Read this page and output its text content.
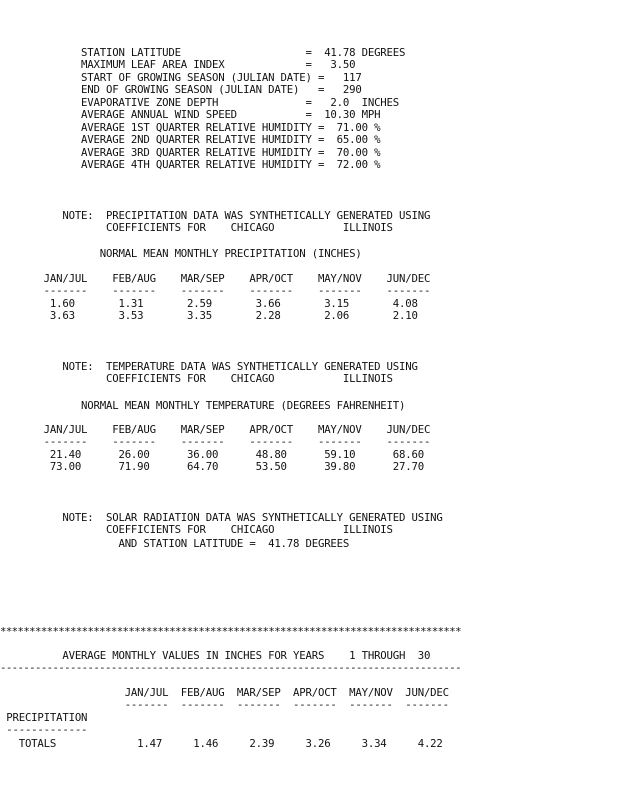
STATION LATITUDE                    =  41.78 DEGREES
MAXIMUM LEAF AREA INDEX             =   3.50
START OF GROWING SEASON (JULIAN DATE) =   117
END OF GROWING SEASON (JULIAN DATE)   =   290
EVAPORATIVE ZONE DEPTH              =   2.0  INCHES
AVERAGE ANNUAL WIND SPEED           =  10.30 MPH
AVERAGE 1ST QUARTER RELATIVE HUMIDITY =  71.00 %
AVERAGE 2ND QUARTER RELATIVE HUMIDITY =  65.00 %
AVERAGE 3RD QUARTER RELATIVE HUMIDITY =  70.00 %
AVERAGE 4TH QUARTER RELATIVE HUMIDITY =  72.00 %
NOTE:  PRECIPITATION DATA WAS SYNTHETICALLY GENERATED USING
COEFFICIENTS FOR    CHICAGO           ILLINOIS
NORMAL MEAN MONTHLY PRECIPITATION (INCHES)
JAN/JUL    FEB/AUG    MAR/SEP    APR/OCT    MAY/NOV    JUN/DEC
-------    -------    -------    -------    -------    -------
1.60       1.31       2.59       3.66       3.15       4.08
3.63       3.53       3.35       2.28       2.06       2.10
NOTE:  TEMPERATURE DATA WAS SYNTHETICALLY GENERATED USING
COEFFICIENTS FOR    CHICAGO           ILLINOIS
NORMAL MEAN MONTHLY TEMPERATURE (DEGREES FAHRENHEIT)
JAN/JUL    FEB/AUG    MAR/SEP    APR/OCT    MAY/NOV    JUN/DEC
-------    -------    -------    -------    -------    -------
21.40      26.00      36.00      48.80      59.10      68.60
73.00      71.90      64.70      53.50      39.80      27.70
NOTE:  SOLAR RADIATION DATA WAS SYNTHETICALLY GENERATED USING
COEFFICIENTS FOR    CHICAGO           ILLINOIS
AND STATION LATITUDE =  41.78 DEGREES
*******************************************************************************
AVERAGE MONTHLY VALUES IN INCHES FOR YEARS    1 THROUGH  30
-------------------------------------------------------------------------------
JAN/JUL  FEB/AUG  MAR/SEP  APR/OCT  MAY/NOV  JUN/DEC
-------  -------  -------  -------  -------  -------
PRECIPITATION
-------------
TOTALS             1.47     1.46     2.39     3.26     3.34     4.22
